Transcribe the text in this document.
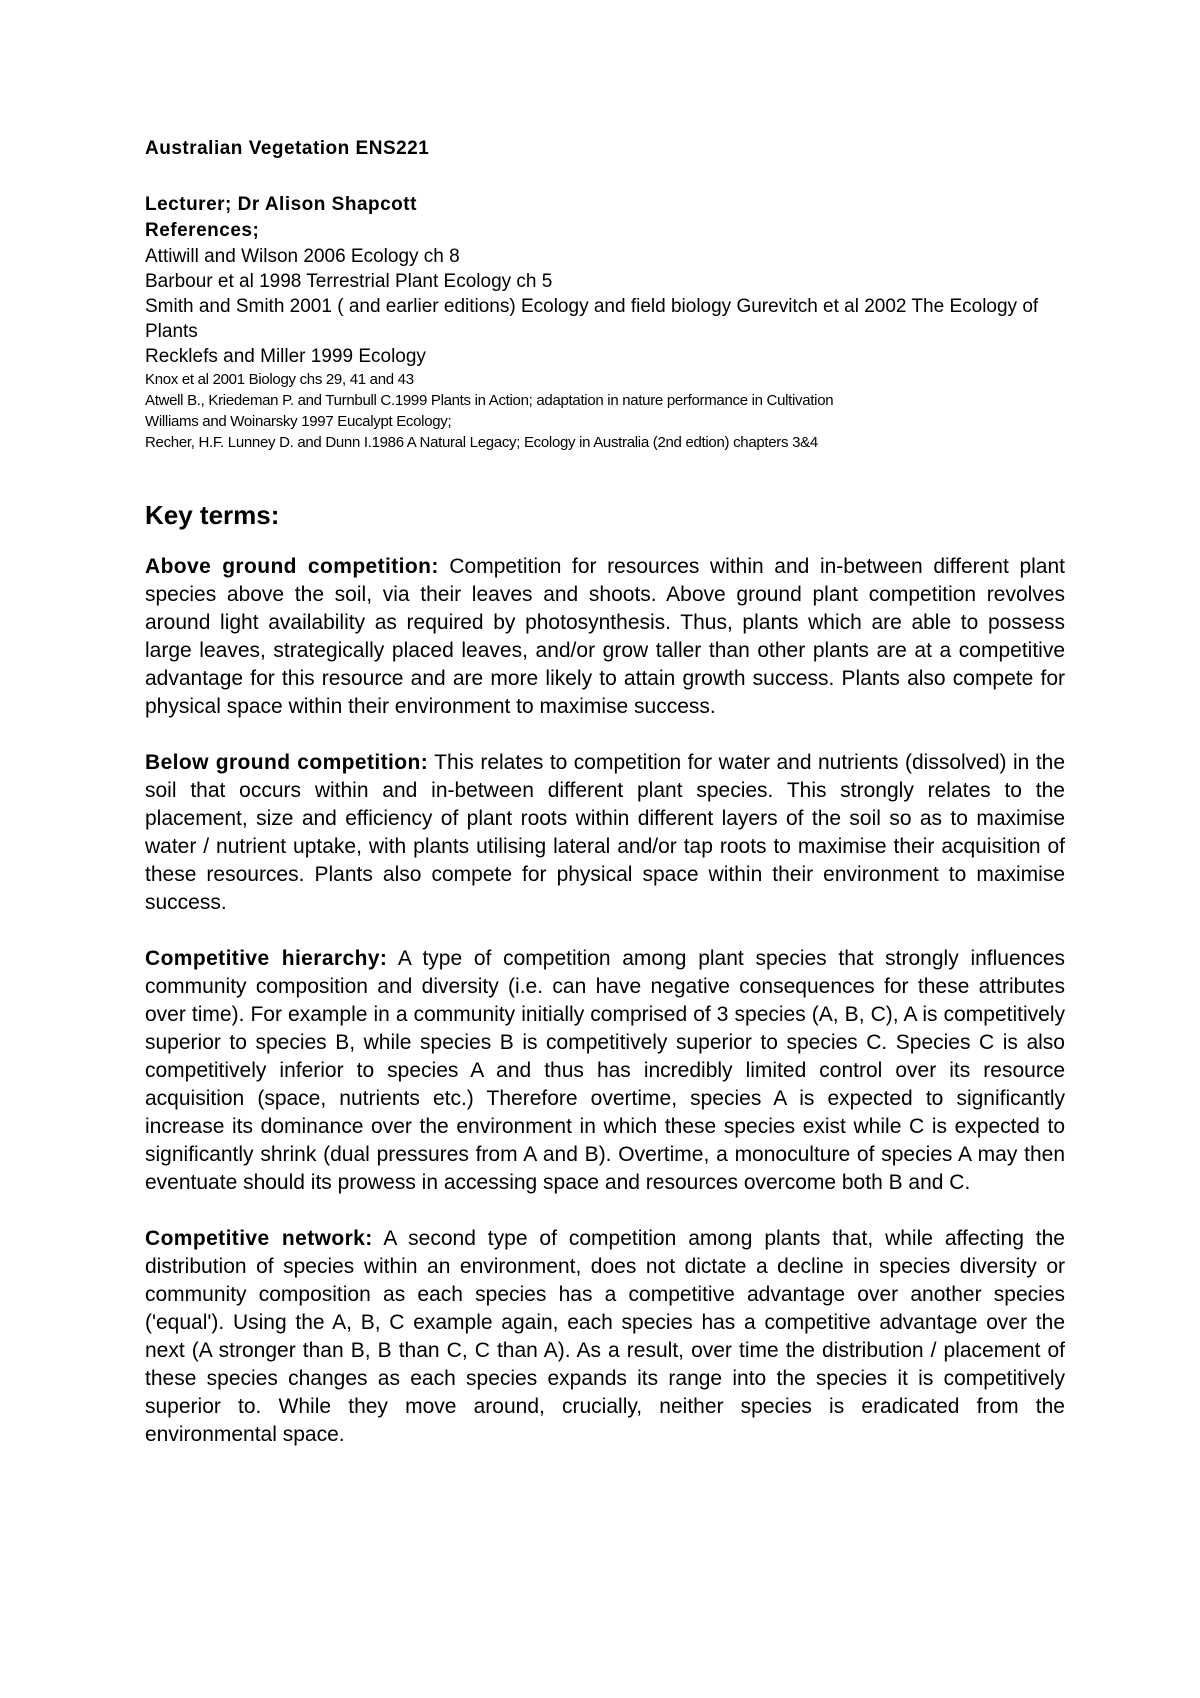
Australian Vegetation ENS221

Lecturer; Dr Alison Shapcott

References;

Attiwill and Wilson 2006 Ecology ch 8

Barbour et al 1998 Terrestrial Plant Ecology ch 5

Smith and Smith 2001 ( and earlier editions) Ecology and field biology Gurevitch et al 2002 The Ecology of Plants

Recklefs and Miller 1999 Ecology

Knox et al 2001 Biology chs 29, 41 and 43

Atwell B., Kriedeman P. and Turnbull C.1999 Plants in Action; adaptation in nature performance in Cultivation

Williams and Woinarsky 1997 Eucalypt Ecology;

Recher, H.F. Lunney D. and Dunn I.1986 A Natural Legacy; Ecology in Australia (2nd edtion) chapters 3&4

Key terms:

Above ground competition: Competition for resources within and in-between different plant species above the soil, via their leaves and shoots. Above ground plant competition revolves around light availability as required by photosynthesis. Thus, plants which are able to possess large leaves, strategically placed leaves, and/or grow taller than other plants are at a competitive advantage for this resource and are more likely to attain growth success. Plants also compete for physical space within their environment to maximise success.

Below ground competition: This relates to competition for water and nutrients (dissolved) in the soil that occurs within and in-between different plant species. This strongly relates to the placement, size and efficiency of plant roots within different layers of the soil so as to maximise water / nutrient uptake, with plants utilising lateral and/or tap roots to maximise their acquisition of these resources. Plants also compete for physical space within their environment to maximise success.

Competitive hierarchy: A type of competition among plant species that strongly influences community composition and diversity (i.e. can have negative consequences for these attributes over time). For example in a community initially comprised of 3 species (A, B, C), A is competitively superior to species B, while species B is competitively superior to species C. Species C is also competitively inferior to species A and thus has incredibly limited control over its resource acquisition (space, nutrients etc.) Therefore overtime, species A is expected to significantly increase its dominance over the environment in which these species exist while C is expected to significantly shrink (dual pressures from A and B). Overtime, a monoculture of species A may then eventuate should its prowess in accessing space and resources overcome both B and C.

Competitive network: A second type of competition among plants that, while affecting the distribution of species within an environment, does not dictate a decline in species diversity or community composition as each species has a competitive advantage over another species ('equal'). Using the A, B, C example again, each species has a competitive advantage over the next (A stronger than B, B than C, C than A). As a result, over time the distribution / placement of these species changes as each species expands its range into the species it is competitively superior to. While they move around, crucially, neither species is eradicated from the environmental space.
